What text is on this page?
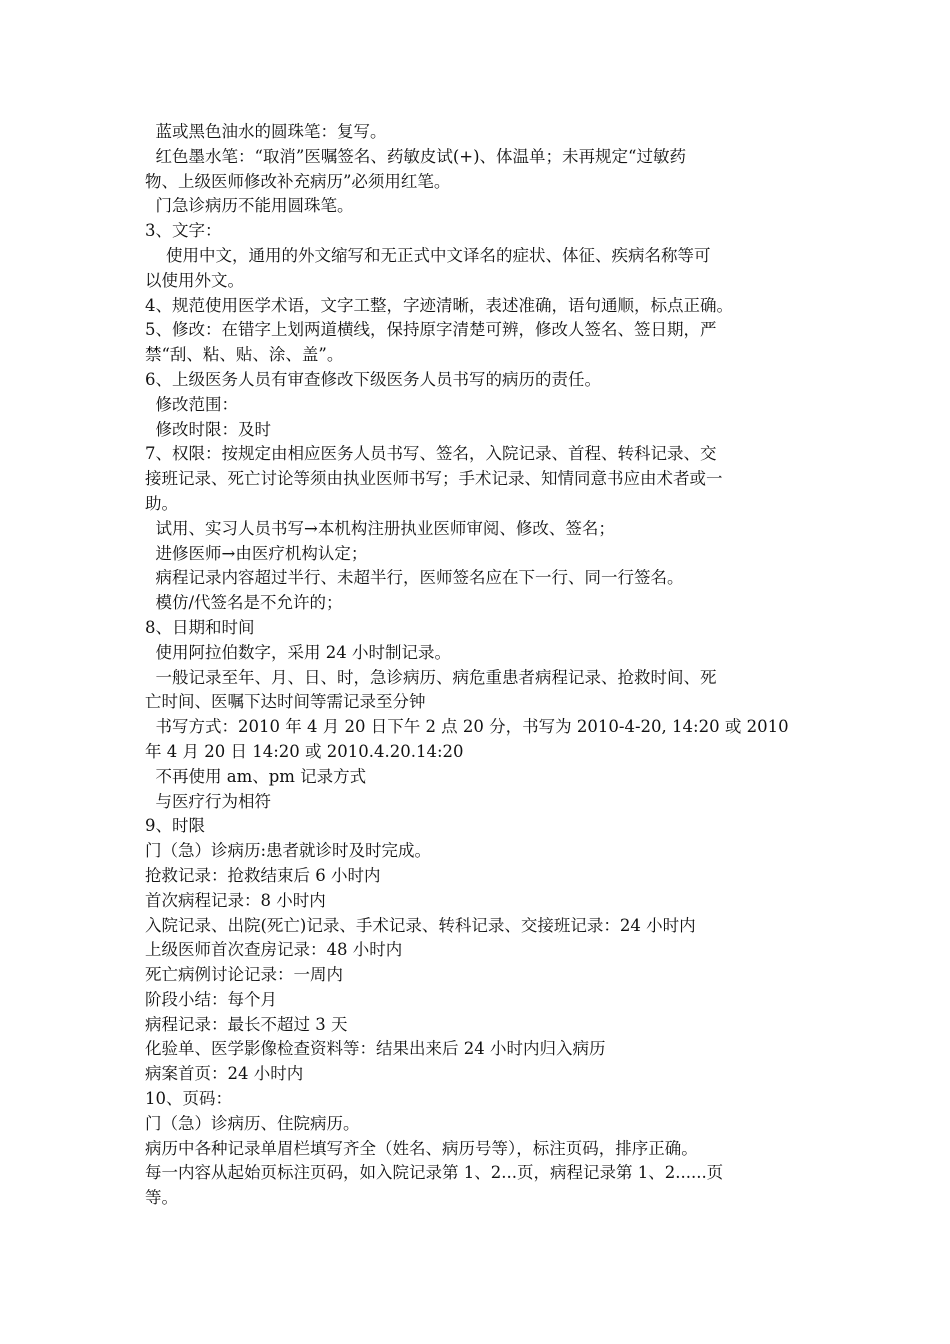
蓝或黑色油水的圆珠笔：复写。
红色墨水笔：“取消”医嘱签名、药敏皮试(+)、体温单；未再规定“过敏药
物、上级医师修改补充病历”必须用红笔。
门急诊病历不能用圆珠笔。
3、文字：
使用中文，通用的外文缩写和无正式中文译名的症状、体征、疾病名称等可
以使用外文。
4、规范使用医学术语，文字工整，字迹清晰，表述准确，语句通顺，标点正确。
5、修改：在错字上划两道横线，保持原字清楚可辨，修改人签名、签日期，严
禁“刮、粘、贴、涂、盖”。
6、上级医务人员有审查修改下级医务人员书写的病历的责任。
修改范围：
修改时限：及时
7、权限：按规定由相应医务人员书写、签名，入院记录、首程、转科记录、交
接班记录、死亡讨论等须由执业医师书写；手术记录、知情同意书应由术者或一
助。
试用、实习人员书写→本机构注册执业医师审阅、修改、签名；
进修医师→由医疗机构认定；
病程记录内容超过半行、未超半行，医师签名应在下一行、同一行签名。
模仿/代签名是不允许的；
8、日期和时间
使用阿拉伯数字，采用 24 小时制记录。
一般记录至年、月、日、时，急诊病历、病危重患者病程记录、抢救时间、死
亡时间、医嘱下达时间等需记录至分钟
书写方式：2010 年 4 月 20 日下午 2 点 20 分，书写为 2010-4-20, 14:20 或 2010
年 4 月 20 日 14:20 或 2010.4.20.14:20
不再使用 am、pm 记录方式
与医疗行为相符
9、时限
门（急）诊病历:患者就诊时及时完成。
抢救记录：抢救结束后 6 小时内
首次病程记录：8 小时内
入院记录、出院(死亡)记录、手术记录、转科记录、交接班记录：24 小时内
上级医师首次查房记录：48 小时内
死亡病例讨论记录：一周内
阶段小结：每个月
病程记录：最长不超过 3 天
化验单、医学影像检查资料等：结果出来后 24 小时内归入病历
病案首页：24 小时内
10、页码：
门（急）诊病历、住院病历。
病历中各种记录单眉栏填写齐全（姓名、病历号等），标注页码，排序正确。
每一内容从起始页标注页码，如入院记录第 1、2...页，病程记录第 1、2......页
等。
